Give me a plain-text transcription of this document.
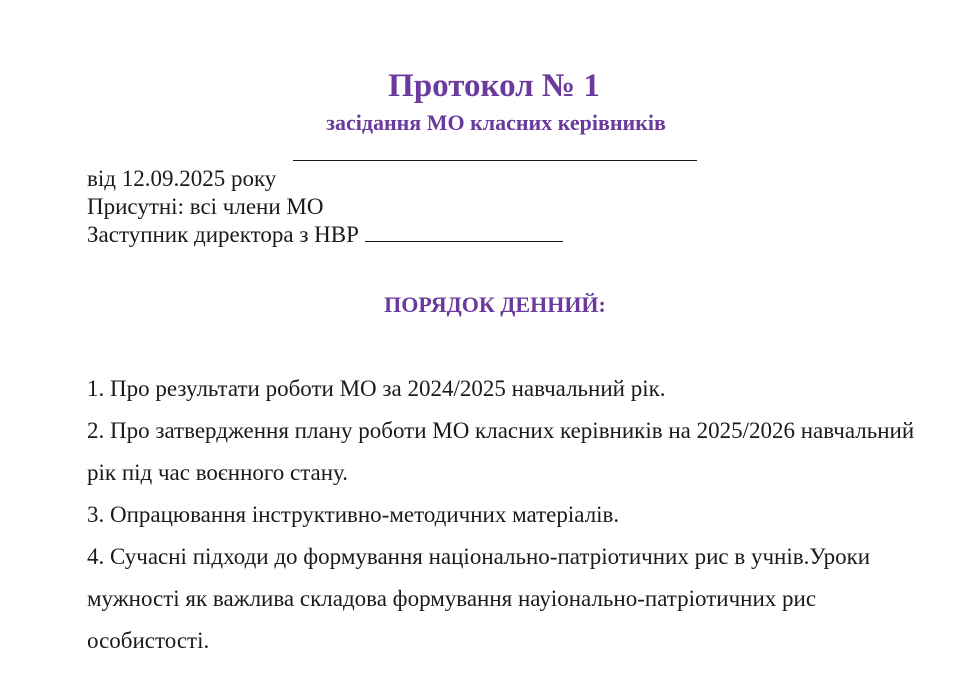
Протокол № 1
засідання МО класних керівників
від 12.09.2025 року
Присутні: всі члени МО
Заступник директора з НВР
ПОРЯДОК ДЕННИЙ:
1. Про результати роботи МО за 2024/2025 навчальний рік.
2. Про затвердження плану роботи МО класних керівників на 2025/2026 навчальний рік під час воєнного стану.
3. Опрацювання інструктивно-методичних матеріалів.
4. Сучасні підходи до формування національно-патріотичних рис в учнів.Уроки мужності як важлива складова формування науіонально-патріотичних рис особистості.
